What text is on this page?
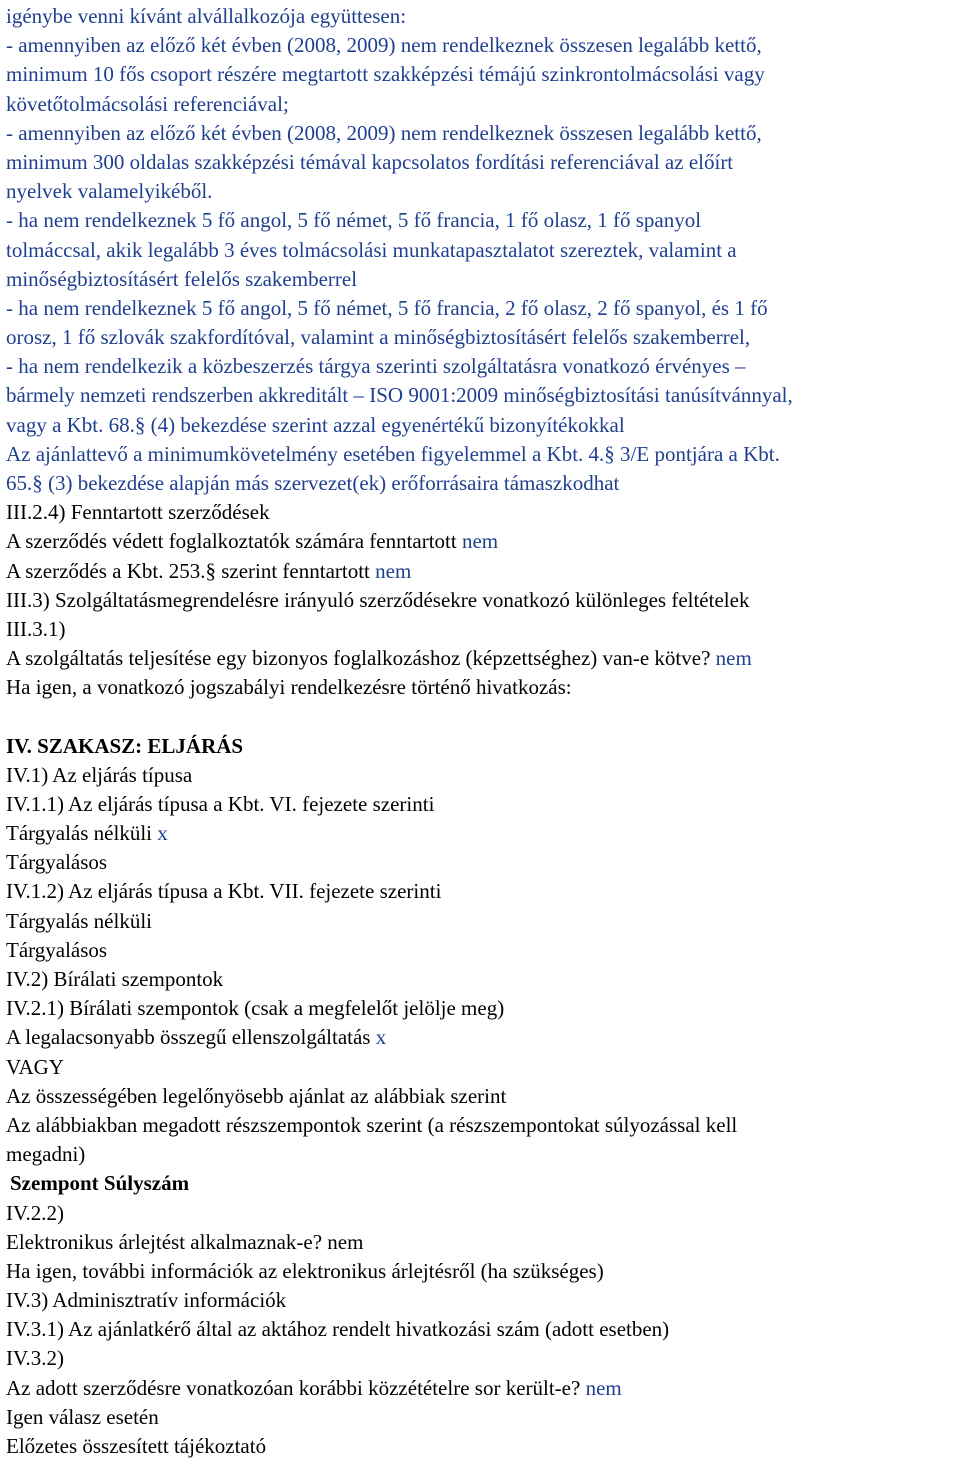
igénybe venni kívánt alvállalkozója együttesen:
- amennyiben az előző két évben (2008, 2009) nem rendelkeznek összesen legalább kettő,
minimum 10 fős csoport részére megtartott szakképzési témájú szinkrontolmácsolási vagy
követőtolmácsolási referenciával;
- amennyiben az előző két évben (2008, 2009) nem rendelkeznek összesen legalább kettő,
minimum 300 oldalas szakképzési témával kapcsolatos fordítási referenciával az előírt
nyelvek valamelyikéből.
- ha nem rendelkeznek 5 fő angol, 5 fő német, 5 fő francia, 1 fő olasz, 1 fő spanyol
tolmáccsal, akik legalább 3 éves tolmácsolási munkatapasztalatot szereztek, valamint a
minőségbiztosításért felelős szakemberrel
- ha nem rendelkeznek 5 fő angol, 5 fő német, 5 fő francia, 2 fő olasz, 2 fő spanyol, és 1 fő
orosz, 1 fő szlovák szakfordítóval, valamint a minőségbiztosításért felelős szakemberrel,
- ha nem rendelkezik a közbeszerzés tárgya szerinti szolgáltatásra vonatkozó érvényes –
bármely nemzeti rendszerben akkreditált – ISO 9001:2009 minőségbiztosítási tanúsítvánnyal,
vagy a Kbt. 68.§ (4) bekezdése szerint azzal egyenértékű bizonyítékokkal
Az ajánlattevő a minimumkövetelmény esetében figyelemmel a Kbt. 4.§ 3/E pontjára a Kbt.
65.§ (3) bekezdése alapján más szervezet(ek) erőforrásaira támaszkodhat
III.2.4) Fenntartott szerződések
A szerződés védett foglalkoztatók számára fenntartott nem
A szerződés a Kbt. 253.§ szerint fenntartott nem
III.3) Szolgáltatásmegrendelésre irányuló szerződésekre vonatkozó különleges feltételek
III.3.1)
A szolgáltatás teljesítése egy bizonyos foglalkozáshoz (képzettséghez) van-e kötve? nem
Ha igen, a vonatkozó jogszabályi rendelkezésre történő hivatkozás:
IV. SZAKASZ: ELJÁRÁS
IV.1) Az eljárás típusa
IV.1.1) Az eljárás típusa a Kbt. VI. fejezete szerinti
Tárgyalás nélküli x
Tárgyalásos
IV.1.2) Az eljárás típusa a Kbt. VII. fejezete szerinti
Tárgyalás nélküli
Tárgyalásos
IV.2) Bírálati szempontok
IV.2.1) Bírálati szempontok (csak a megfelelőt jelölje meg)
A legalacsonyabb összegű ellenszolgáltatás x
VAGY
Az összességében legelőnyösebb ajánlat az alábbiak szerint
Az alábbiakban megadott részszempontok szerint (a részszempontokat súlyozással kell
megadni)
Szempont Súlyszám
IV.2.2)
Elektronikus árlejtést alkalmaznak-e? nem
Ha igen, további információk az elektronikus árlejtésről (ha szükséges)
IV.3) Adminisztratív információk
IV.3.1) Az ajánlatkérő által az aktához rendelt hivatkozási szám (adott esetben)
IV.3.2)
Az adott szerződésre vonatkozóan korábbi közzétételre sor került-e? nem
Igen válasz esetén
Előzetes összesített tájékoztató
